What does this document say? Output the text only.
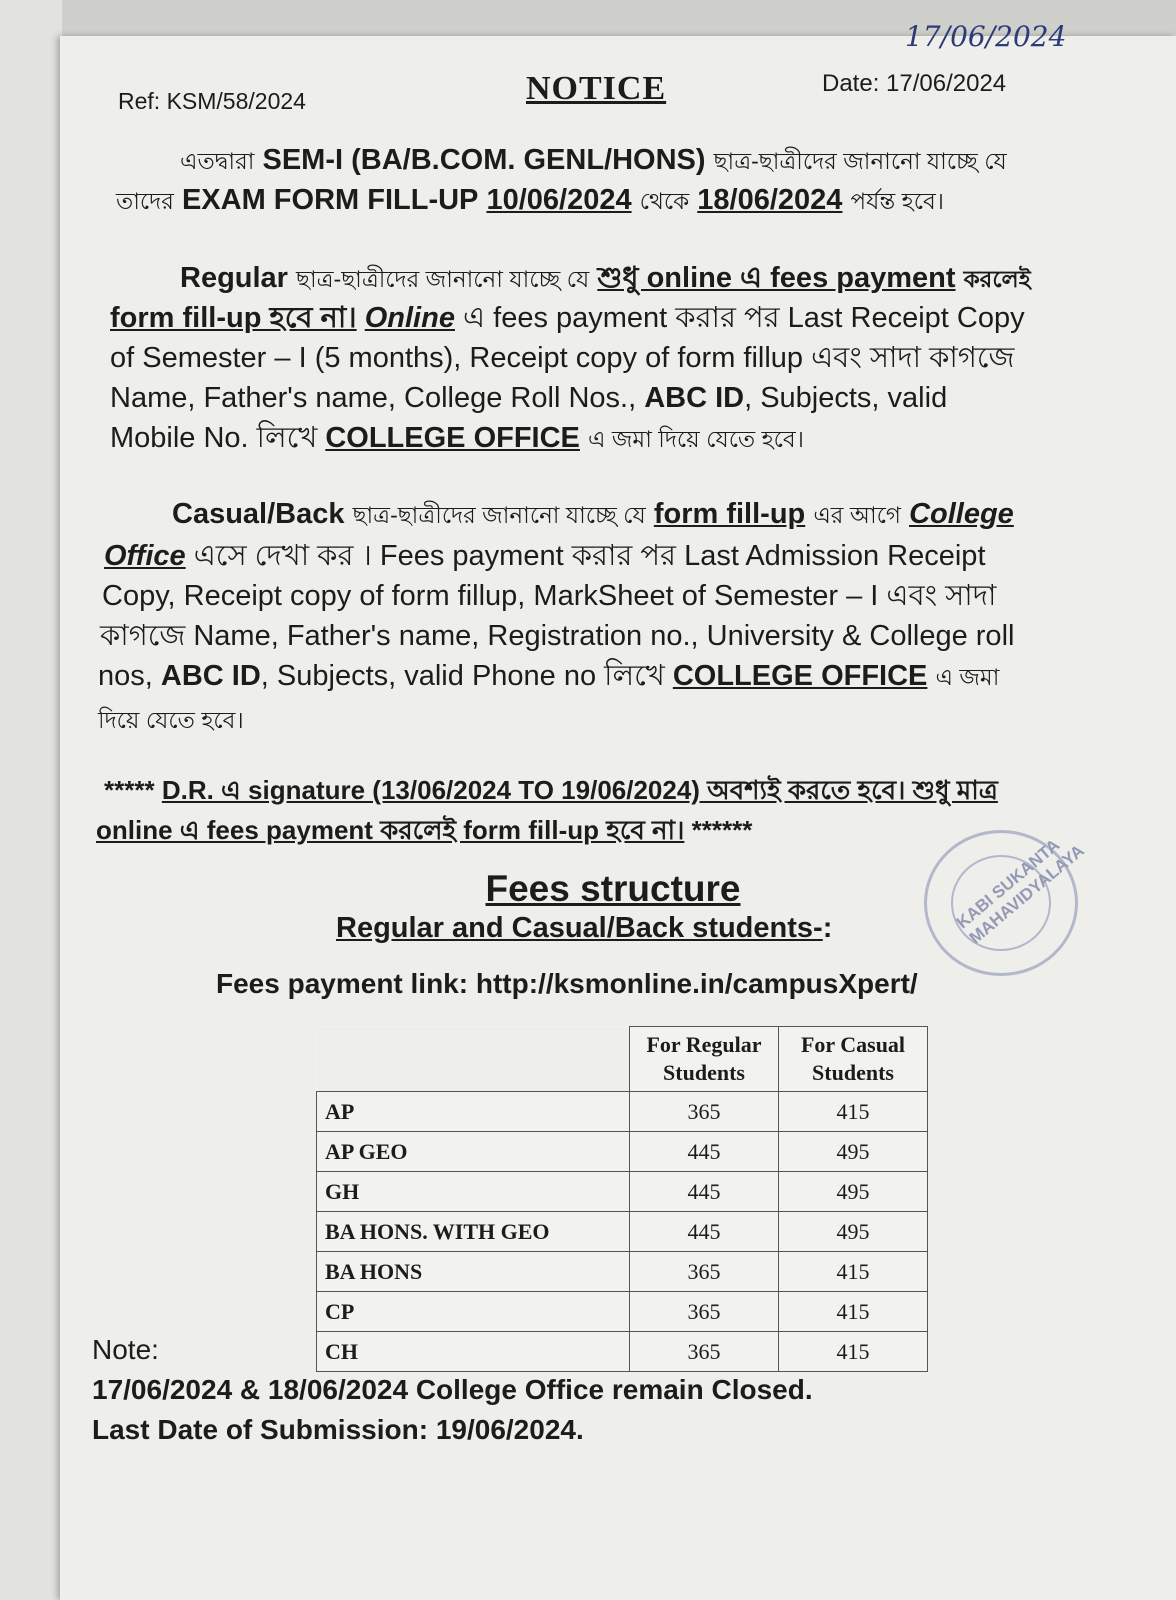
17/06/2024
Ref: KSM/58/2024	NOTICE	Date: 17/06/2024
এতদ্বারা SEM-I (BA/B.COM. GENL/HONS) ছাত্র-ছাত্রীদের জানানো যাচ্ছে যে
তাদের EXAM FORM FILL-UP 10/06/2024 থেকে 18/06/2024 পর্যন্ত হবে।
Regular ছাত্র-ছাত্রীদের জানানো যাচ্ছে যে শুধু online এ fees payment করলেই
form fill-up হবে না। Online এ fees payment করার পর Last Receipt Copy
of Semester – I (5 months), Receipt copy of form fillup এবং সাদা কাগজে
Name, Father's name, College Roll Nos., ABC ID, Subjects, valid
Mobile No. লিখে COLLEGE OFFICE এ জমা দিয়ে যেতে হবে।
Casual/Back ছাত্র-ছাত্রীদের জানানো যাচ্ছে যে form fill-up এর আগে College
Office এসে দেখা কর । Fees payment করার পর Last Admission Receipt
Copy, Receipt copy of form fillup, MarkSheet of Semester – I এবং সাদা
কাগজে Name, Father's name, Registration no., University & College roll
nos, ABC ID, Subjects, valid Phone no লিখে COLLEGE OFFICE এ জমা
দিয়ে যেতে হবে।
***** D.R. এ signature (13/06/2024 TO 19/06/2024) অবশ্যই করতে হবে। শুধু মাত্র
online এ fees payment করলেই form fill-up হবে না। ******
KABI SUKANTA MAHAVIDYALAYA
Fees structure
Regular and Casual/Back students-:
Fees payment link: http://ksmonline.in/campusXpert/
	For Regular Students	For Casual Students
AP	365	415
AP GEO	445	495
GH	445	495
BA HONS. WITH GEO	445	495
BA HONS	365	415
CP	365	415
CH	365	415
Note:
17/06/2024 & 18/06/2024 College Office remain Closed.
Last Date of Submission: 19/06/2024.
